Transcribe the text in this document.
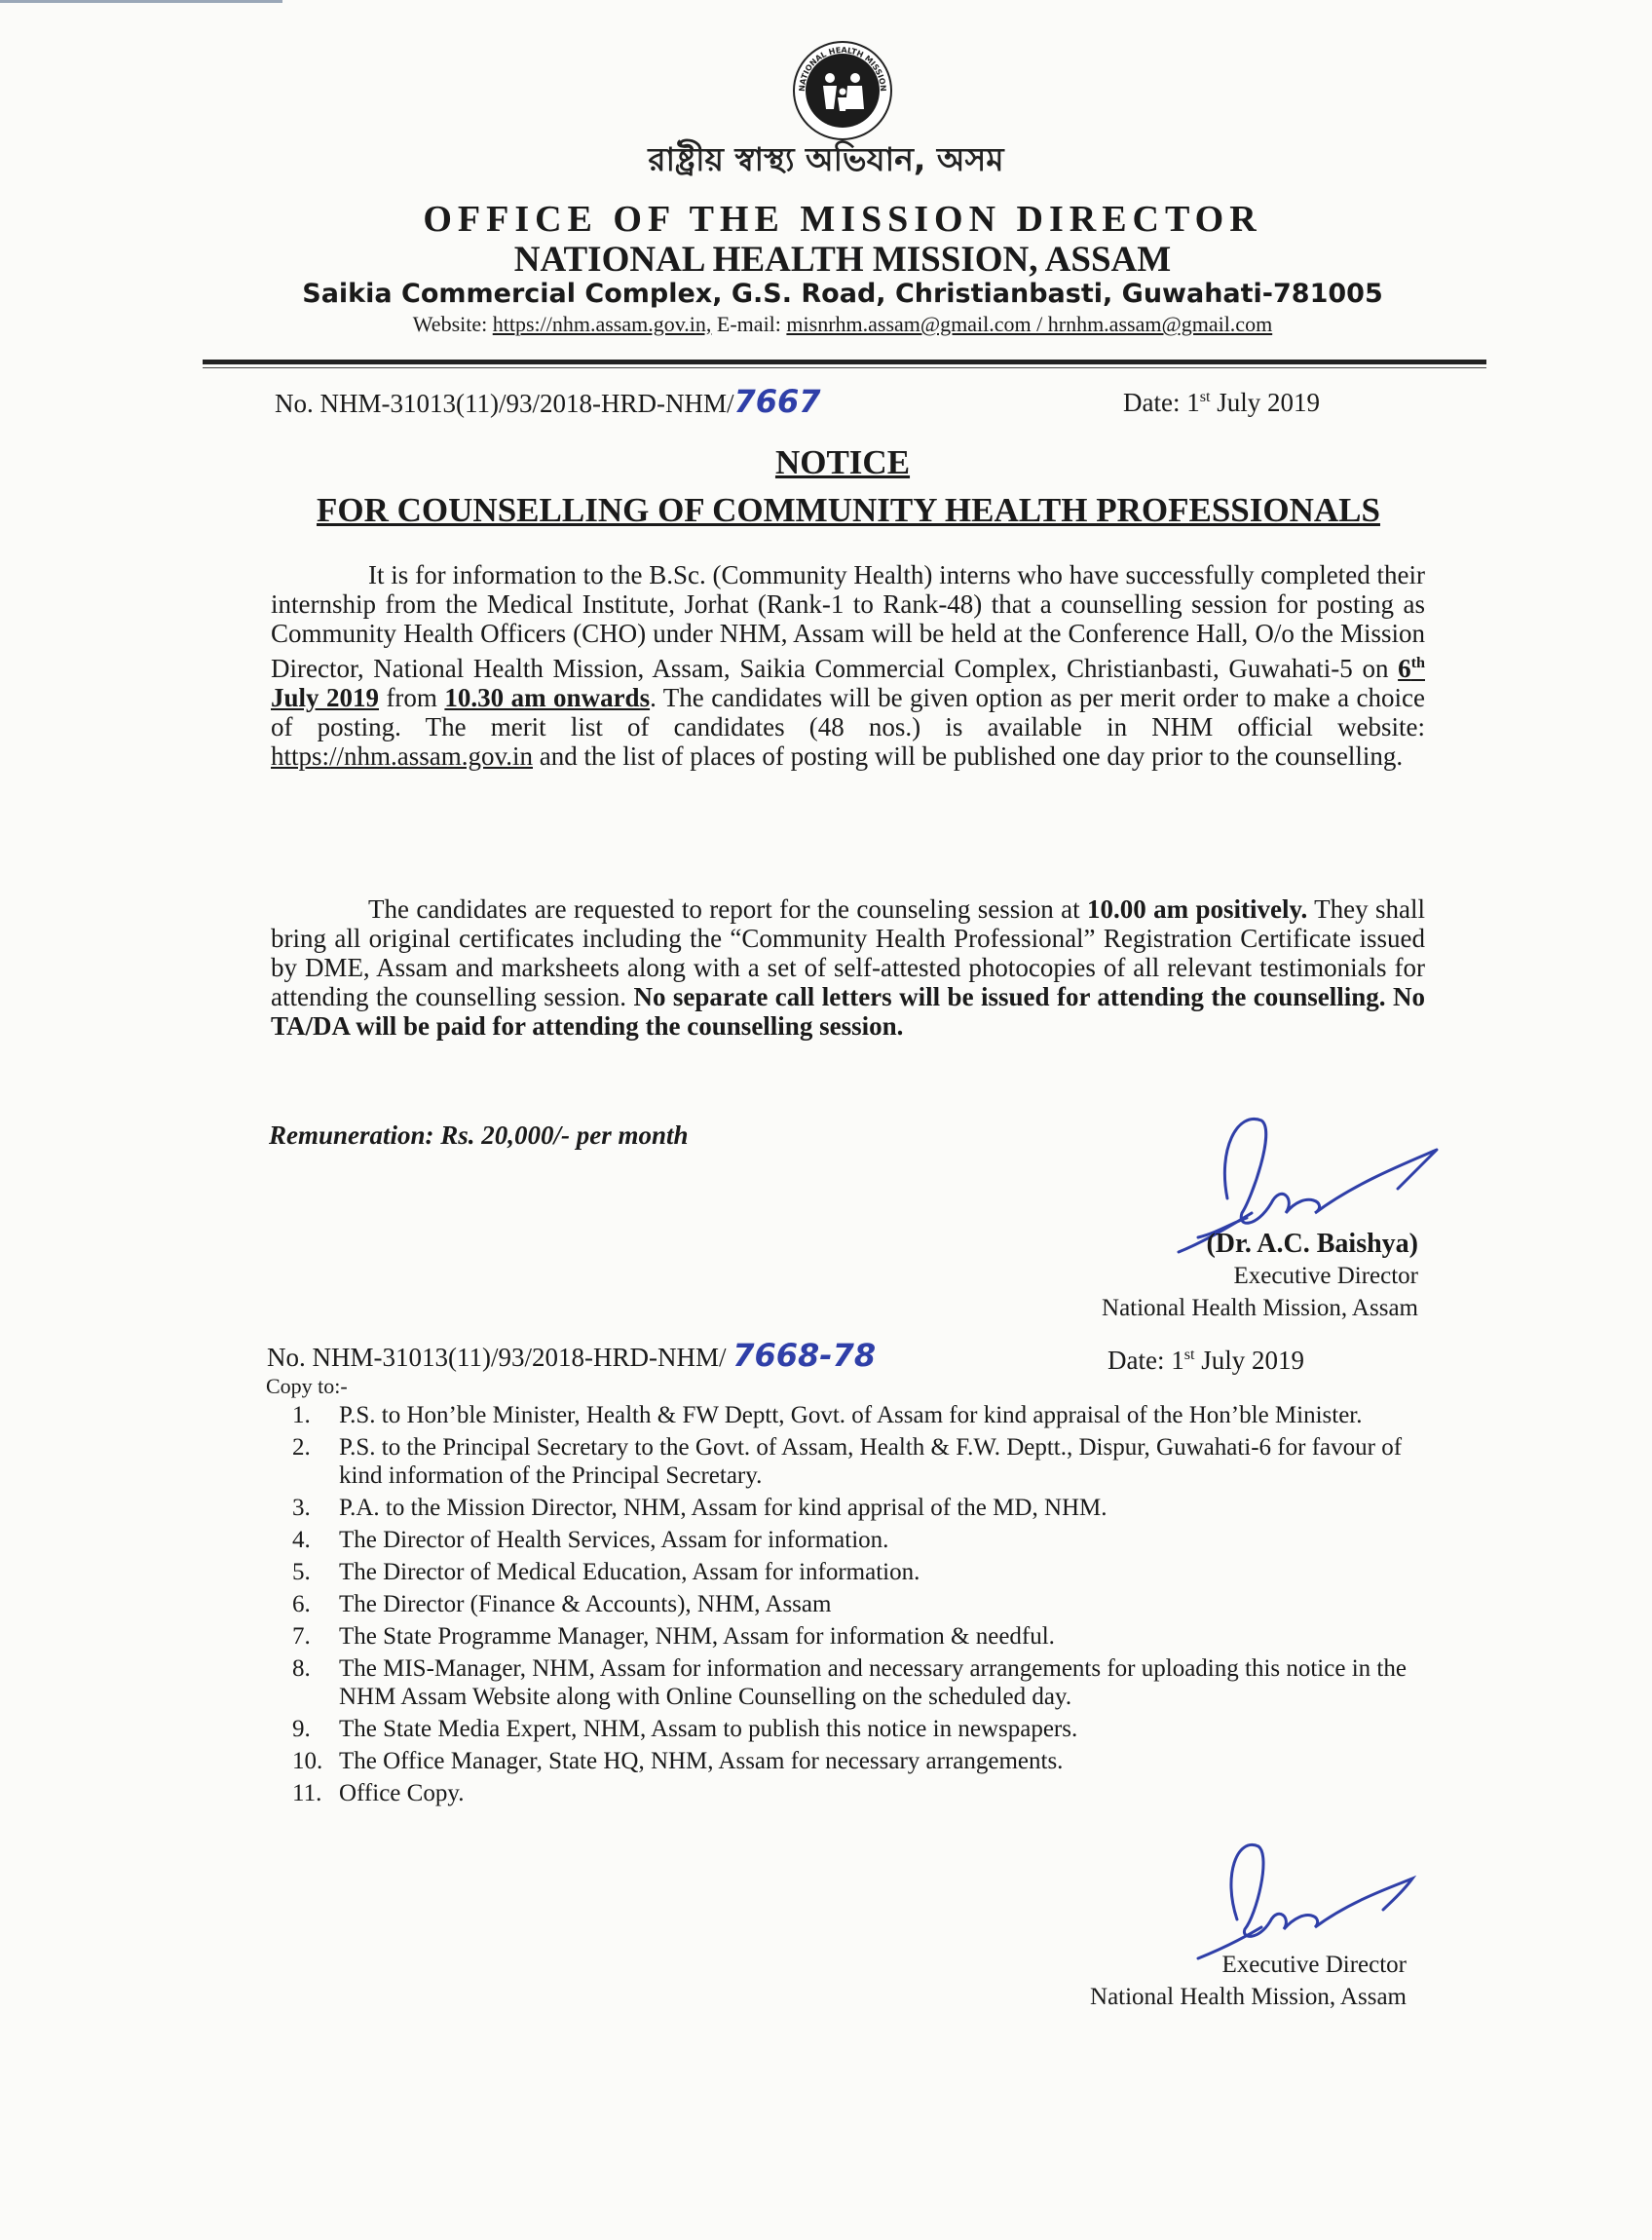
NATIONAL HEALTH MISSION
রাষ্ট্রীয় স্বাস্থ্য অভিযান, অসম
OFFICE OF THE MISSION DIRECTOR
NATIONAL HEALTH MISSION, ASSAM
Saikia Commercial Complex, G.S. Road, Christianbasti, Guwahati-781005
Website: https://nhm.assam.gov.in, E-mail: misnrhm.assam@gmail.com / hrnhm.assam@gmail.com
No. NHM-31013(11)/93/2018-HRD-NHM/7667	Date: 1st July 2019
NOTICE
FOR COUNSELLING OF COMMUNITY HEALTH PROFESSIONALS

It is for information to the B.Sc. (Community Health) interns who have successfully completed their internship from the Medical Institute, Jorhat (Rank-1 to Rank-48) that a counselling session for posting as Community Health Officers (CHO) under NHM, Assam will be held at the Conference Hall, O/o the Mission Director, National Health Mission, Assam, Saikia Commercial Complex, Christianbasti, Guwahati-5 on 6th July 2019 from 10.30 am onwards. The candidates will be given option as per merit order to make a choice of posting. The merit list of candidates (48 nos.) is available in NHM official website: https://nhm.assam.gov.in and the list of places of posting will be published one day prior to the counselling.

The candidates are requested to report for the counseling session at 10.00 am positively. They shall bring all original certificates including the “Community Health Professional” Registration Certificate issued by DME, Assam and marksheets along with a set of self-attested photocopies of all relevant testimonials for attending the counselling session. No separate call letters will be issued for attending the counselling. No TA/DA will be paid for attending the counselling session.

Remuneration: Rs. 20,000/- per month
(Dr. A.C. Baishya)
Executive Director
National Health Mission, Assam
No. NHM-31013(11)/93/2018-HRD-NHM/ 7668-78	Date: 1st July 2019
Copy to:-
1.	P.S. to Hon’ble Minister, Health & FW Deptt, Govt. of Assam for kind appraisal of the Hon’ble Minister.
2.	P.S. to the Principal Secretary to the Govt. of Assam, Health & F.W. Deptt., Dispur, Guwahati-6 for favour of kind information of the Principal Secretary.
3.	P.A. to the Mission Director, NHM, Assam for kind apprisal of the MD, NHM.
4.	The Director of Health Services, Assam for information.
5.	The Director of Medical Education, Assam for information.
6.	The Director (Finance & Accounts), NHM, Assam
7.	The State Programme Manager, NHM, Assam for information & needful.
8.	The MIS-Manager, NHM, Assam for information and necessary arrangements for uploading this notice in the NHM Assam Website along with Online Counselling on the scheduled day.
9.	The State Media Expert, NHM, Assam to publish this notice in newspapers.
10. The Office Manager, State HQ, NHM, Assam for necessary arrangements.
11. Office Copy.
Executive Director
National Health Mission, Assam
